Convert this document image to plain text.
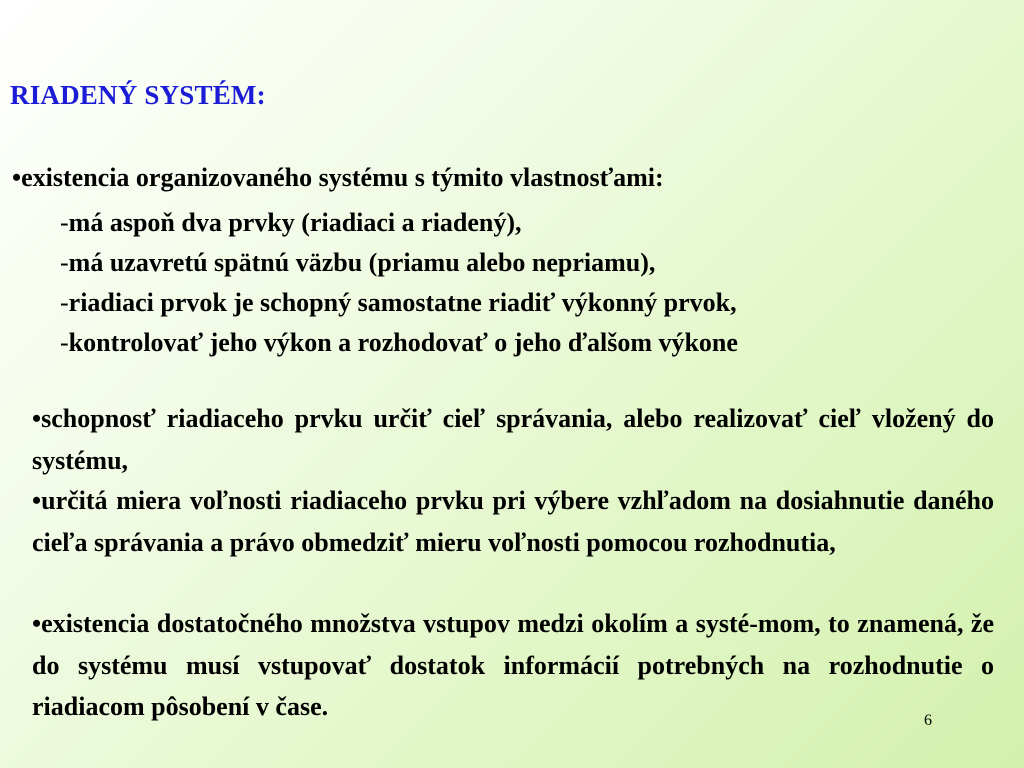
RIADENÝ SYSTÉM:
•existencia organizovaného systému s týmito vlastnosťami:
-má aspoň dva prvky (riadiaci a riadený),
-má uzavretú spätnú väzbu (priamu alebo nepriamu),
-riadiaci prvok je schopný samostatne riadiť výkonný prvok,
-kontrolovať jeho výkon a rozhodovať o jeho ďalšom výkone
•schopnosť riadiaceho prvku určiť cieľ správania, alebo realizovať cieľ vložený do systému,
•určitá miera voľnosti riadiaceho prvku pri výbere vzhľadom na dosiahnutie daného cieľa správania a právo obmedziť mieru voľnosti pomocou rozhodnutia,
•existencia dostatočného množstva vstupov medzi okolím a systé-mom, to znamená, že do systému musí vstupovať dostatok informácií potrebných na rozhodnutie o riadiacom pôsobení v čase.	6
